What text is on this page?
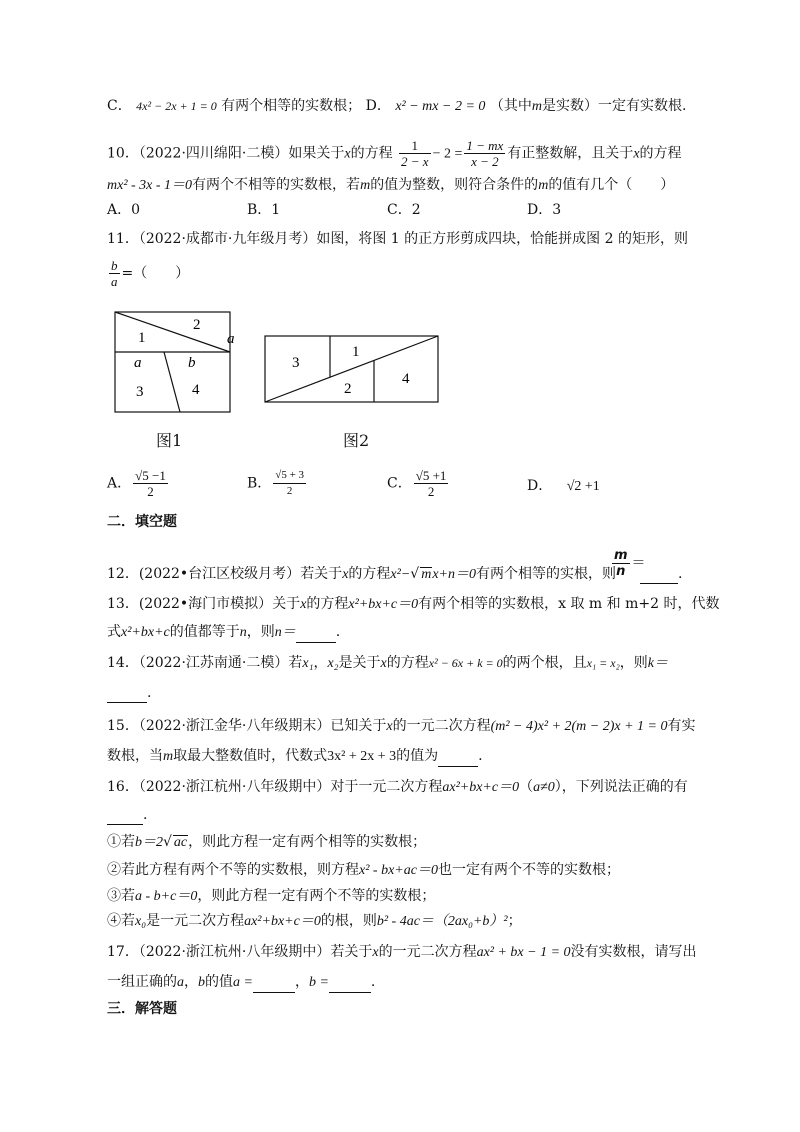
C． 4x² − 2x + 1 = 0 有两个相等的实数根； D． x² − mx − 2 = 0 （其中m是实数）一定有实数根.
10．（2022·四川绵阳·二模）如果关于x的方程 $\frac{1}{2 - x} - 2 = \frac{1 - mx}{x - 2}$ 有正整数解，且关于x的方程
mx² - 3x - 1＝0有两个不相等的实数根，若m的值为整数，则符合条件的m的值有几个（　　）
A．0	B．1	C．2	D．3
11．（2022·成都市·九年级月考）如图，将图 1 的正方形剪成四块，恰能拼成图 2 的矩形，则
$\frac{b}{a}$ =（　　）
1
2
a
a	b
3	4
图1
3
1
2
4
图2
A． $\frac{√5 -1}{2}$	B． $\frac{√5 + 3}{2}$	C． $\frac{√5 +1}{2}$	D． √2 +1
二．填空题
12．(2022•台江区校级月考）若关于x的方程x²−√ mx+n＝0有两个相等的实根，则
$\frac{m}{n}$ ＝
.
13．(2022•海门市模拟）关于x的方程x²+bx+c＝0有两个相等的实数根，x 取 m 和 m+2 时，代数
式x²+bx+c的值都等于n，则n＝	.
14．（2022·江苏南通·二模）若x₁，x₂是关于x的方程x² − 6x + k = 0的两个根，且x₁ = x₂，则k＝
.
15．（2022·浙江金华·八年级期末）已知关于x的一元二次方程(m² − 4)x² + 2(m − 2)x + 1 = 0有实
数根，当m取最大整数值时，代数式3x² + 2x + 3的值为	.
16．（2022·浙江杭州·八年级期中）对于一元二次方程ax²+bx+c＝0（a≠0），下列说法正确的有
.
①若b＝2√ ac，则此方程一定有两个相等的实数根；
②若此方程有两个不等的实数根，则方程x² - bx+ac＝0也一定有两个不等的实数根；
③若a - b+c＝0，则此方程一定有两个不等的实数根；
④若x₀是一元二次方程ax²+bx+c＝0的根，则b² - 4ac＝（2ax₀+b）²；
17．（2022·浙江杭州·八年级期中）若关于x的一元二次方程ax² + bx − 1 = 0没有实数根，请写出
一组正确的a，b的值a =	，b =	.
三．解答题
